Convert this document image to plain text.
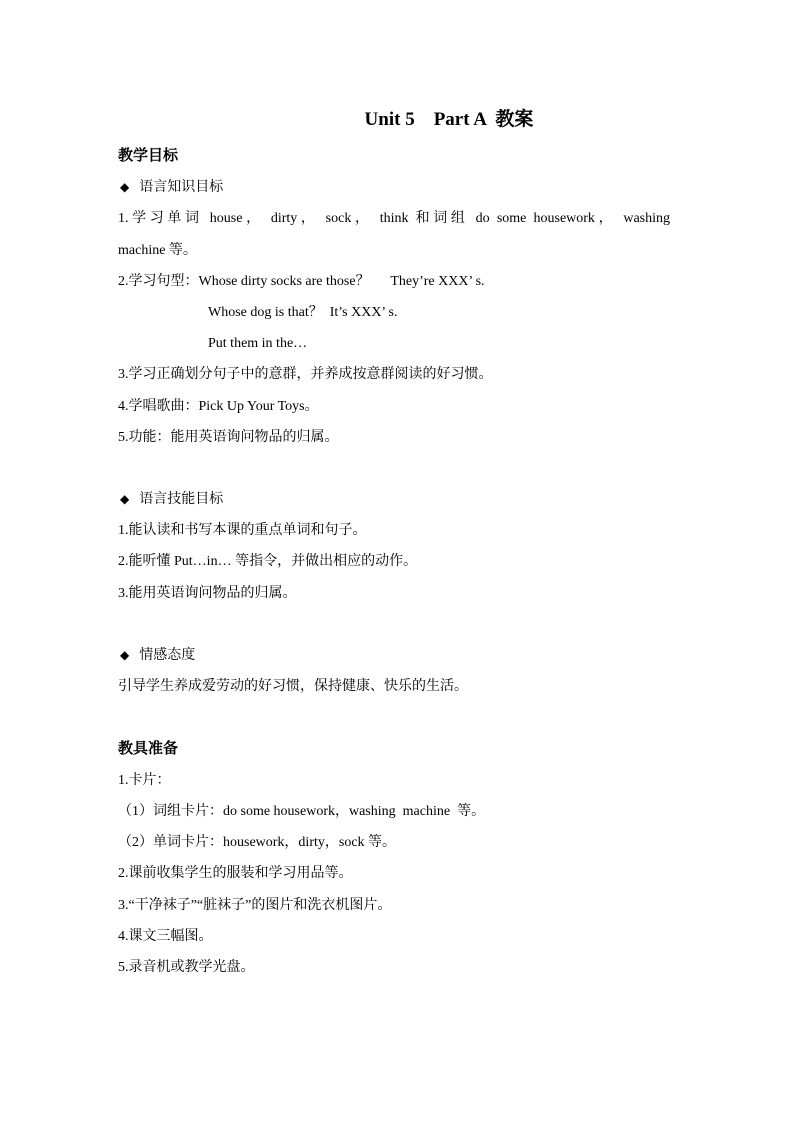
Unit 5    Part A  教案
教学目标
◆ 语言知识目标
1.学习单词 house， dirty， sock， think 和词组 do some housework， washing
machine 等。
2.学习句型：Whose dirty socks are those？      They’re XXX’ s.
Whose dog is that？  It’s XXX’ s.
Put them in the…
3.学习正确划分句子中的意群，并养成按意群阅读的好习惯。
4.学唱歌曲：Pick Up Your Toys。
5.功能：能用英语询问物品的归属。
◆ 语言技能目标
1.能认读和书写本课的重点单词和句子。
2.能听懂 Put…in… 等指令，并做出相应的动作。
3.能用英语询问物品的归属。
◆ 情感态度
引导学生养成爱劳动的好习惯，保持健康、快乐的生活。
教具准备
1.卡片：
（1）词组卡片：do some housework，washing  machine  等。
（2）单词卡片：housework，dirty，sock 等。
2.课前收集学生的服装和学习用品等。
3.“干净袜子”“脏袜子”的图片和洗衣机图片。
4.课文三幅图。
5.录音机或教学光盘。
